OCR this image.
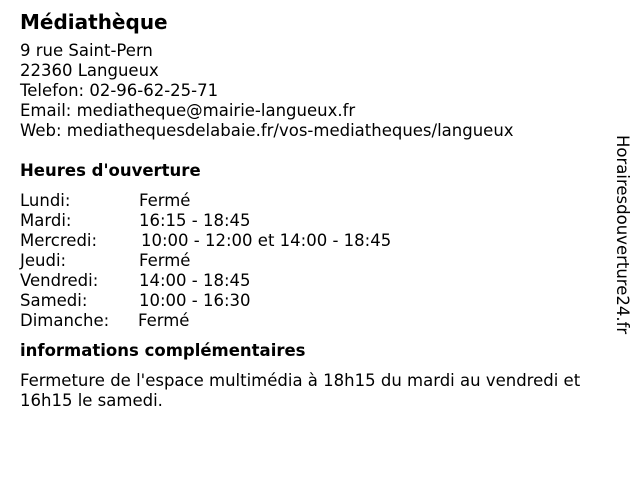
Médiathèque
9 rue Saint-Pern
22360 Langueux
Telefon: 02-96-62-25-71
Email: mediatheque@mairie-langueux.fr
Web: mediathequesdelabaie.fr/vos-mediatheques/langueux
Heures d'ouverture
Lundi:	Fermé
Mardi:	16:15 - 18:45
Mercredi:	10:00 - 12:00 et 14:00 - 18:45
Jeudi:	Fermé
Vendredi:	14:00 - 18:45
Samedi:	10:00 - 16:30
Dimanche:	Fermé
informations complémentaires
Fermeture de l'espace multimédia à 18h15 du mardi au vendredi et 16h15 le samedi.
Horairesdouverture24.fr
